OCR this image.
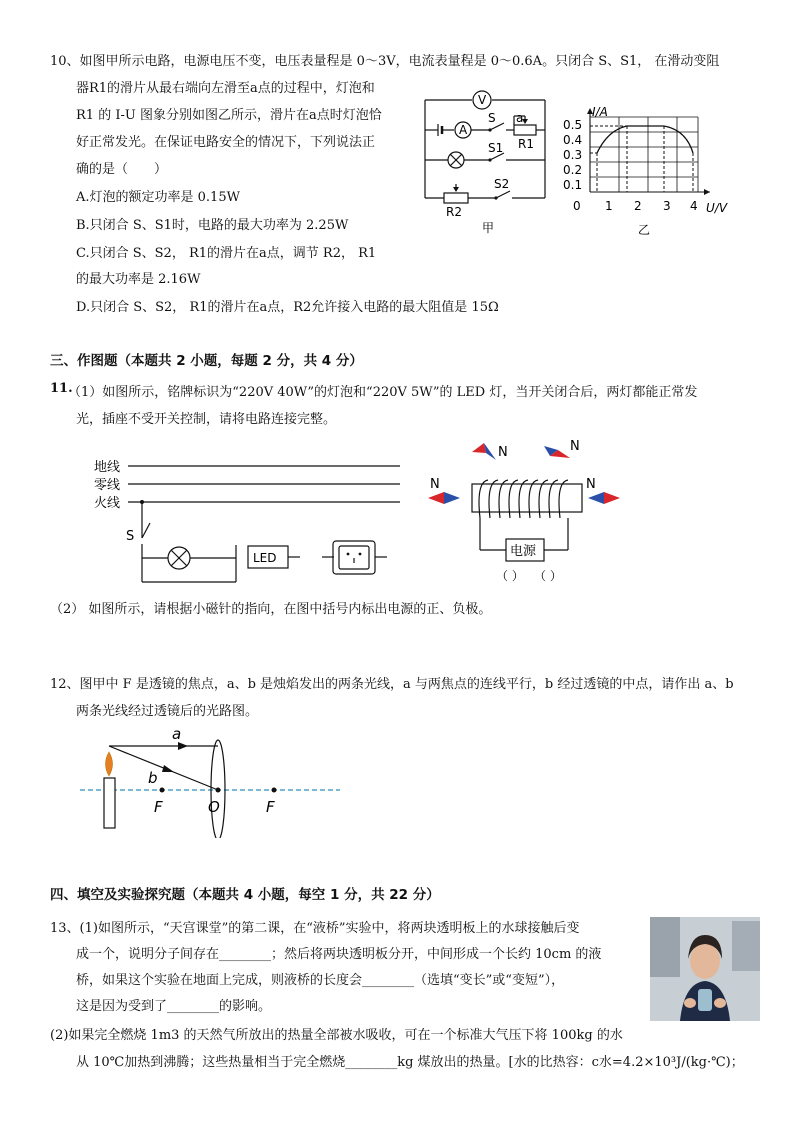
10、如图甲所示电路，电源电压不变，电压表量程是 0～3V，电流表量程是 0～0.6A。只闭合 S、S1， 在滑动变阻
器R1的滑片从最右端向左滑至a点的过程中，灯泡和
R1 的 I-U 图象分别如图乙所示，滑片在a点时灯泡恰
好正常发光。在保证电路安全的情况下，下列说法正
确的是（　　）
A.灯泡的额定功率是 0.15W
B.只闭合 S、S1时，电路的最大功率为 2.25W
C.只闭合 S、S2， R1的滑片在a点，调节 R2， R1
的最大功率是 2.16W
D.只闭合 S、S2， R1的滑片在a点，R2允许接入电路的最大阻值是 15Ω
V
A
S a
R1
S1
S2
R2
甲
I/A
U/V
0.5
0.4
0.3
0.2
0.1
0 1 2 3 4
乙
三、作图题（本题共 2 小题，每题 2 分，共 4 分）
11.
（1）如图所示，铭牌标识为“220V 40W”的灯泡和“220V 5W”的 LED 灯，当开关闭合后，两灯都能正常发
光，插座不受开关控制，请将电路连接完整。
地线
零线
火线
S
LED
N	N
N	N
电源
（ ） （ ）
（2） 如图所示，请根据小磁针的指向，在图中括号内标出电源的正、负极。
12、图甲中 F 是透镜的焦点，a、b 是烛焰发出的两条光线，a 与两焦点的连线平行，b 经过透镜的中点，请作出 a、b
两条光线经过透镜后的光路图。
a
b
F	O	F
四、填空及实验探究题（本题共 4 小题，每空 1 分，共 22 分）
13、(1)如图所示，“天宫课堂”的第二课，在“液桥”实验中，将两块透明板上的水球接触后变
成一个，说明分子间存在________；然后将两块透明板分开，中间形成一个长约 10cm 的液
桥，如果这个实验在地面上完成，则液桥的长度会________（选填“变长”或“变短”），
这是因为受到了________的影响。
(2)如果完全燃烧 1m3 的天然气所放出的热量全部被水吸收，可在一个标准大气压下将 100kg 的水
从 10℃加热到沸腾；这些热量相当于完全燃烧________kg 煤放出的热量。[水的比热容：c水=4.2×10³J/(kg·℃)；
